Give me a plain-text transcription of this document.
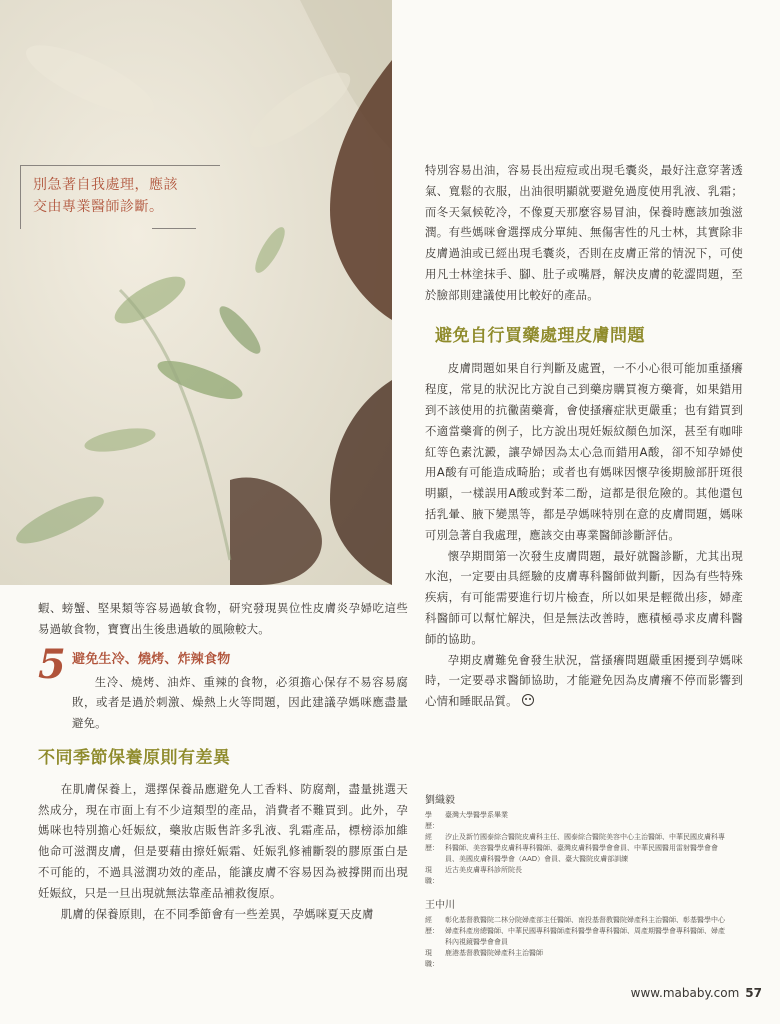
別急著自我處理，應該
交由專業醫師診斷。

特別容易出油，容易長出痘痘或出現毛囊炎，最好注意穿著透氣、寬鬆的衣服，出油很明顯就要避免過度使用乳液、乳霜；而冬天氣候乾冷，不像夏天那麼容易冒油，保養時應該加強滋潤。有些媽咪會選擇成分單純、無傷害性的凡士林，其實除非皮膚過油或已經出現毛囊炎，否則在皮膚正常的情況下，可使用凡士林塗抹手、腳、肚子或嘴唇，解決皮膚的乾澀問題，至於臉部則建議使用比較好的產品。

避免自行買藥處理皮膚問題

皮膚問題如果自行判斷及處置，一不小心很可能加重搔癢程度，常見的狀況比方說自己到藥房購買複方藥膏，如果錯用到不該使用的抗黴菌藥膏，會使搔癢症狀更嚴重；也有錯買到不適當藥膏的例子，比方說出現妊娠紋顏色加深，甚至有咖啡紅等色素沈澱，讓孕婦因為太心急而錯用A酸，卻不知孕婦使用A酸有可能造成畸胎；或者也有媽咪因懷孕後期臉部肝斑很明顯，一樣誤用A酸或對苯二酚，這都是很危險的。其他還包括乳暈、腋下變黑等，都是孕媽咪特別在意的皮膚問題，媽咪可別急著自我處理，應該交由專業醫師診斷評估。

懷孕期間第一次發生皮膚問題，最好就醫診斷，尤其出現水泡，一定要由具經驗的皮膚專科醫師做判斷，因為有些特殊疾病，有可能需要進行切片檢查，所以如果是輕微出疹，婦產科醫師可以幫忙解決，但是無法改善時，應積極尋求皮膚科醫師的協助。

孕期皮膚難免會發生狀況，當搔癢問題嚴重困擾到孕媽咪時，一定要尋求醫師協助，才能避免因為皮膚癢不停而影響到心情和睡眠品質。

蝦、螃蟹、堅果類等容易過敏食物，研究發現異位性皮膚炎孕婦吃這些易過敏食物，寶寶出生後患過敏的風險較大。

5 避免生冷、燒烤、炸辣食物

生冷、燒烤、油炸、重辣的食物，必須擔心保存不易容易腐敗，或者是過於刺激、燥熱上火等問題，因此建議孕媽咪應盡量避免。

不同季節保養原則有差異

在肌膚保養上，選擇保養品應避免人工香料、防腐劑，盡量挑選天然成分，現在市面上有不少這類型的產品，消費者不難買到。此外，孕媽咪也特別擔心妊娠紋，藥妝店販售許多乳液、乳霜產品，標榜添加維他命可滋潤皮膚，但是要藉由擦妊娠霜、妊娠乳修補斷裂的膠原蛋白是不可能的，不過具滋潤功效的產品，能讓皮膚不容易因為被撐開而出現妊娠紋，只是一旦出現就無法靠產品補救復原。

肌膚的保養原則，在不同季節會有一些差異，孕媽咪夏天皮膚

劉織毅
學歷：
臺灣大學醫學系畢業
經歷：
汐止及新竹國泰綜合醫院皮膚科主任、國泰綜合醫院美容中心主治醫師、中華民國皮膚科專科醫師、美容醫學皮膚科專科醫師、臺灣皮膚科醫學會會員、中華民國醫用雷射醫學會會員、美國皮膚科醫學會（AAD）會員、臺大醫院皮膚部訓練
現職：
近古美皮膚專科診所院長
王中川
經歷：
彰化基督教醫院二林分院婦產部主任醫師、南投基督教醫院婦產科主治醫師、彰基醫學中心婦產科產房總醫師、中華民國專科醫師產科醫學會專科醫師、周產期醫學會專科醫師、婦產科內視鏡醫學會會員
現職：
鹿港基督教醫院婦產科主治醫師
www.mababy.com 57
